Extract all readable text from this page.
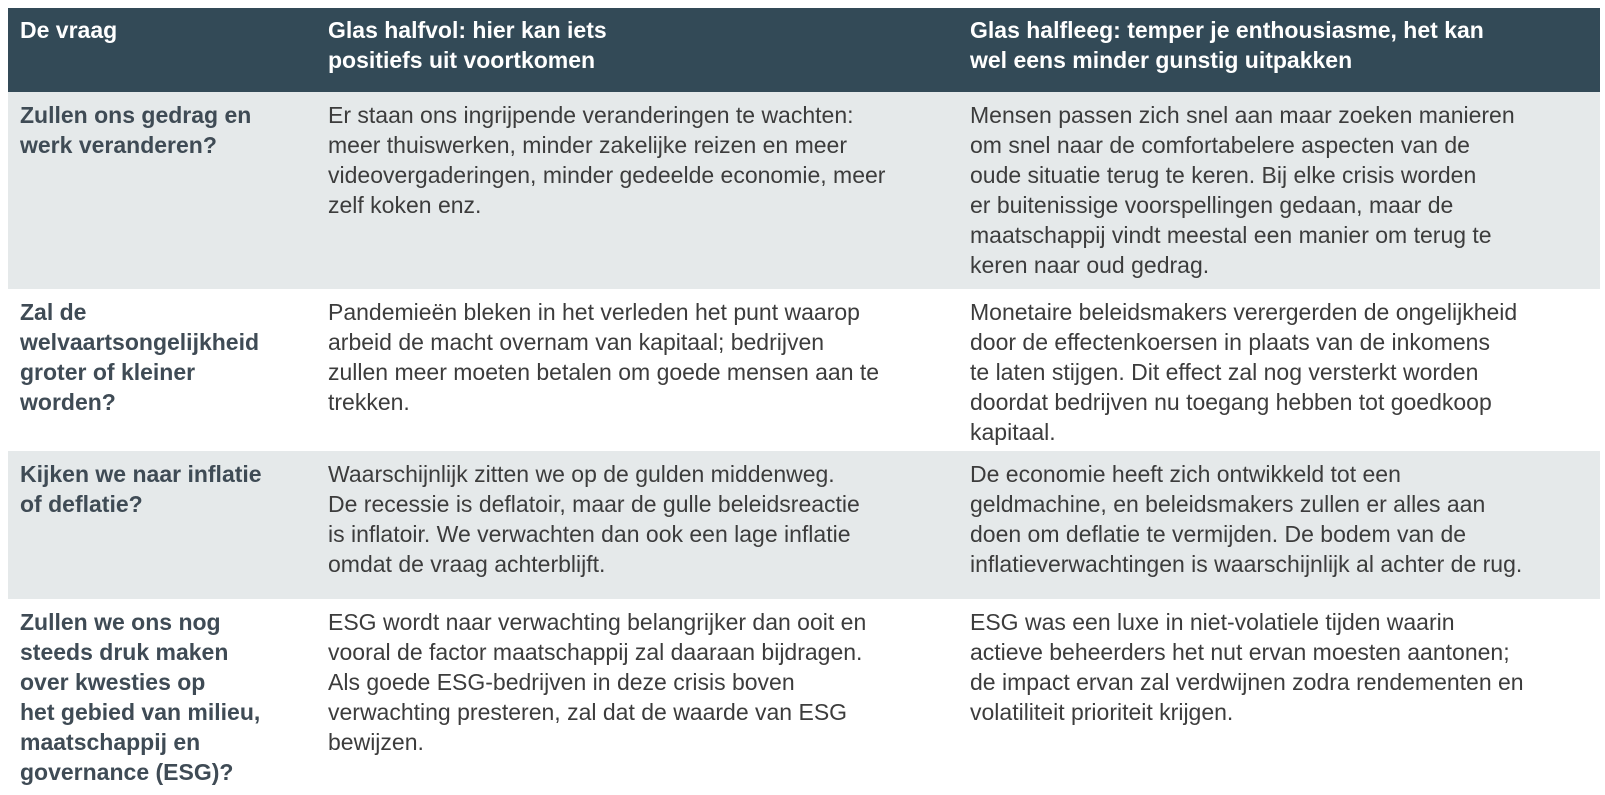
De vraag	Glas halfvol: hier kan iets
positiefs uit voortkomen
Glas halfleeg: temper je enthousiasme, het kan
wel eens minder gunstig uitpakken
Zullen ons gedrag en
werk veranderen?
Er staan ons ingrijpende veranderingen te wachten:
meer thuiswerken, minder zakelijke reizen en meer
videovergaderingen, minder gedeelde economie, meer
zelf koken enz.
Mensen passen zich snel aan maar zoeken manieren
om snel naar de comfortabelere aspecten van de
oude situatie terug te keren. Bij elke crisis worden
er buitenissige voorspellingen gedaan, maar de
maatschappij vindt meestal een manier om terug te
keren naar oud gedrag.
Zal de
welvaartsongelijkheid
groter of kleiner
worden?
Pandemieën bleken in het verleden het punt waarop
arbeid de macht overnam van kapitaal; bedrijven
zullen meer moeten betalen om goede mensen aan te
trekken.
Monetaire beleidsmakers verergerden de ongelijkheid
door de effectenkoersen in plaats van de inkomens
te laten stijgen. Dit effect zal nog versterkt worden
doordat bedrijven nu toegang hebben tot goedkoop
kapitaal.
Kijken we naar inflatie
of deflatie?
Waarschijnlijk zitten we op de gulden middenweg.
De recessie is deflatoir, maar de gulle beleidsreactie
is inflatoir. We verwachten dan ook een lage inflatie
omdat de vraag achterblijft.
De economie heeft zich ontwikkeld tot een
geldmachine, en beleidsmakers zullen er alles aan
doen om deflatie te vermijden. De bodem van de
inflatieverwachtingen is waarschijnlijk al achter de rug.
Zullen we ons nog
steeds druk maken
over kwesties op
het gebied van milieu,
maatschappij en
governance (ESG)?
ESG wordt naar verwachting belangrijker dan ooit en
vooral de factor maatschappij zal daaraan bijdragen.
Als goede ESG-bedrijven in deze crisis boven
verwachting presteren, zal dat de waarde van ESG
bewijzen.
ESG was een luxe in niet-volatiele tijden waarin
actieve beheerders het nut ervan moesten aantonen;
de impact ervan zal verdwijnen zodra rendementen en
volatiliteit prioriteit krijgen.
